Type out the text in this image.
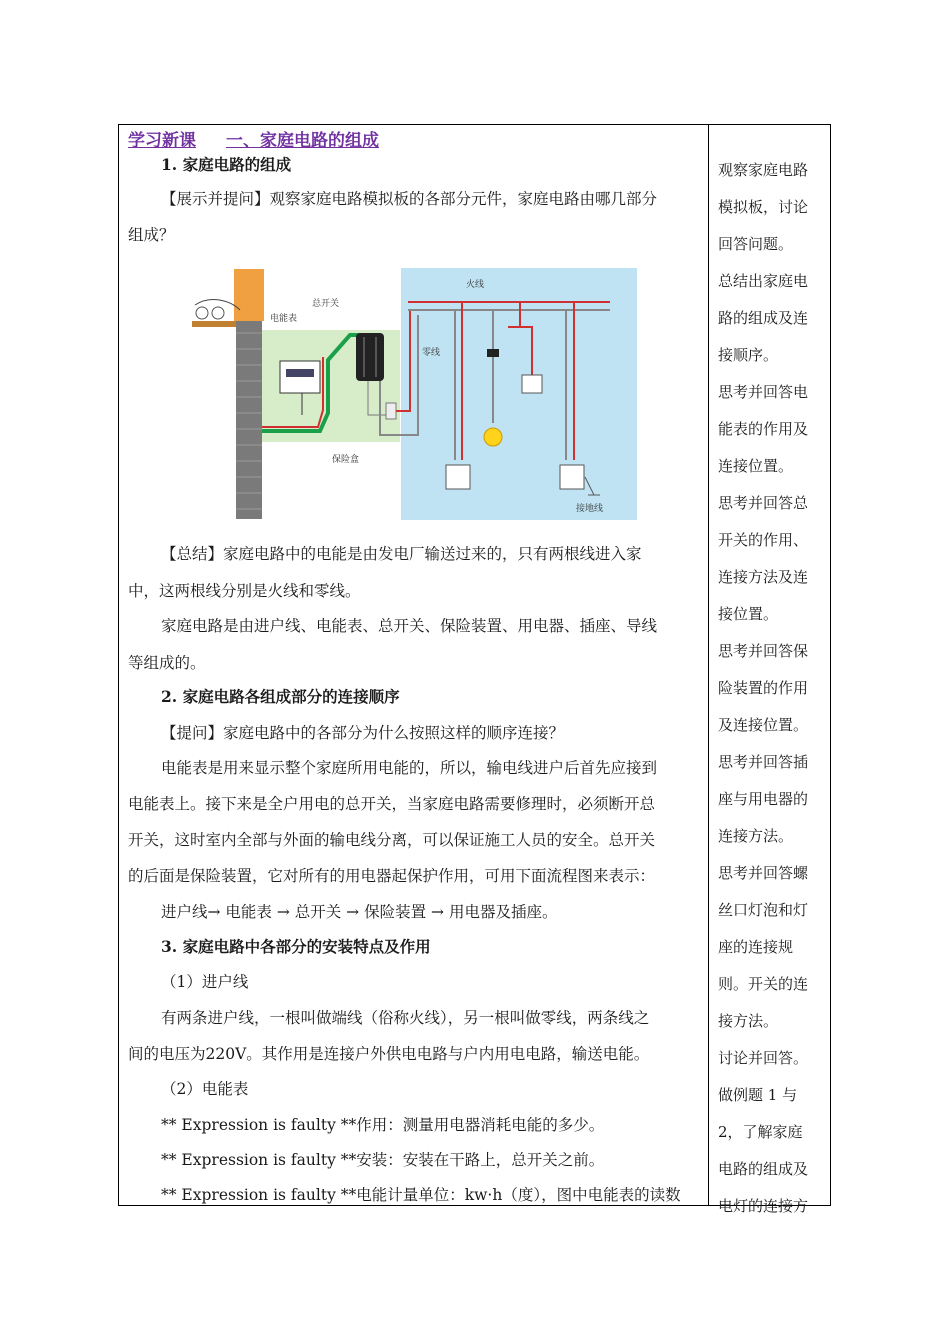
学习新课 一、家庭电路的组成
1. 家庭电路的组成
【展示并提问】观察家庭电路模拟板的各部分元件，家庭电路由哪几部分
组成？
【总结】家庭电路中的电能是由发电厂输送过来的，只有两根线进入家
中，这两根线分别是火线和零线。
家庭电路是由进户线、电能表、总开关、保险装置、用电器、插座、导线
等组成的。
2. 家庭电路各组成部分的连接顺序
【提问】家庭电路中的各部分为什么按照这样的顺序连接？
电能表是用来显示整个家庭所用电能的，所以，输电线进户后首先应接到
电能表上。接下来是全户用电的总开关，当家庭电路需要修理时，必须断开总
开关，这时室内全部与外面的输电线分离，可以保证施工人员的安全。总开关
的后面是保险装置，它对所有的用电器起保护作用，可用下面流程图来表示：
进户线→ 电能表 → 总开关 → 保险装置 → 用电器及插座。
3. 家庭电路中各部分的安装特点及作用
（1）进户线
有两条进户线，一根叫做端线（俗称火线），另一根叫做零线，两条线之
间的电压为220V。其作用是连接户外供电电路与户内用电电路，输送电能。
（2）电能表
** Expression is faulty **作用：测量用电器消耗电能的多少。
** Expression is faulty **安装：安装在干路上，总开关之前。
** Expression is faulty **电能计量单位：kw·h（度），图中电能表的读数
电能表
总开关
火线
零线
保险盒
接地线

观察家庭电路

模拟板，讨论

回答问题。

总结出家庭电

路的组成及连

接顺序。

思考并回答电

能表的作用及

连接位置。

思考并回答总

开关的作用、

连接方法及连

接位置。

思考并回答保

险装置的作用

及连接位置。

思考并回答插

座与用电器的

连接方法。

思考并回答螺

丝口灯泡和灯

座的连接规

则。开关的连

接方法。

讨论并回答。

做例题 1 与

2，了解家庭

电路的组成及

电灯的连接方
